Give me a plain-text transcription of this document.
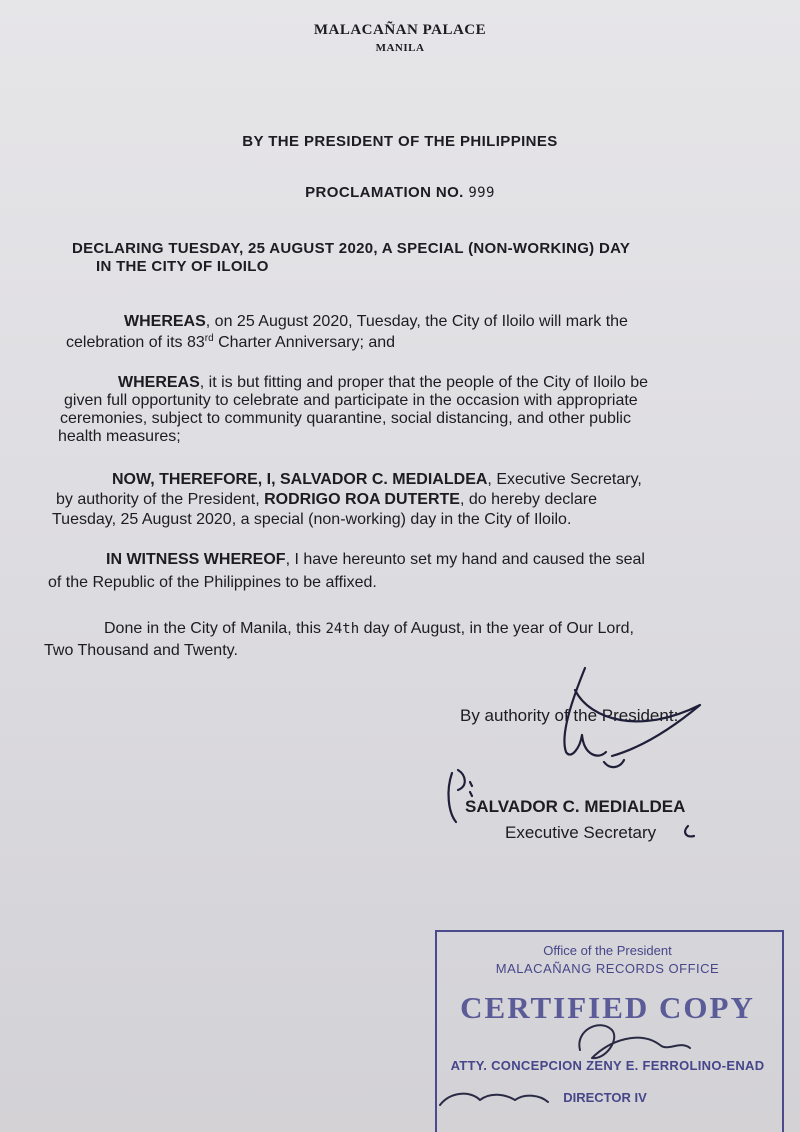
MALACAÑAN PALACE

MANILA

BY THE PRESIDENT OF THE PHILIPPINES

PROCLAMATION NO. 999

DECLARING TUESDAY, 25 AUGUST 2020, A SPECIAL (NON-WORKING) DAY

IN THE CITY OF ILOILO

WHEREAS, on 25 August 2020, Tuesday, the City of Iloilo will mark the
celebration of its 83rd Charter Anniversary; and
WHEREAS, it is but fitting and proper that the people of the City of Iloilo be
given full opportunity to celebrate and participate in the occasion with appropriate
ceremonies, subject to community quarantine, social distancing, and other public
health measures;
NOW, THEREFORE, I, SALVADOR C. MEDIALDEA, Executive Secretary,
by authority of the President, RODRIGO ROA DUTERTE, do hereby declare
Tuesday, 25 August 2020, a special (non-working) day in the City of Iloilo.
IN WITNESS WHEREOF, I have hereunto set my hand and caused the seal
of the Republic of the Philippines to be affixed.
Done in the City of Manila, this 24th day of August, in the year of Our Lord,
Two Thousand and Twenty.
By authority of the President:
SALVADOR C. MEDIALDEA
Executive Secretary
Office of the President
MALACAÑANG RECORDS OFFICE
CERTIFIED COPY
ATTY. CONCEPCION ZENY E. FERROLINO-ENAD
DIRECTOR IV
